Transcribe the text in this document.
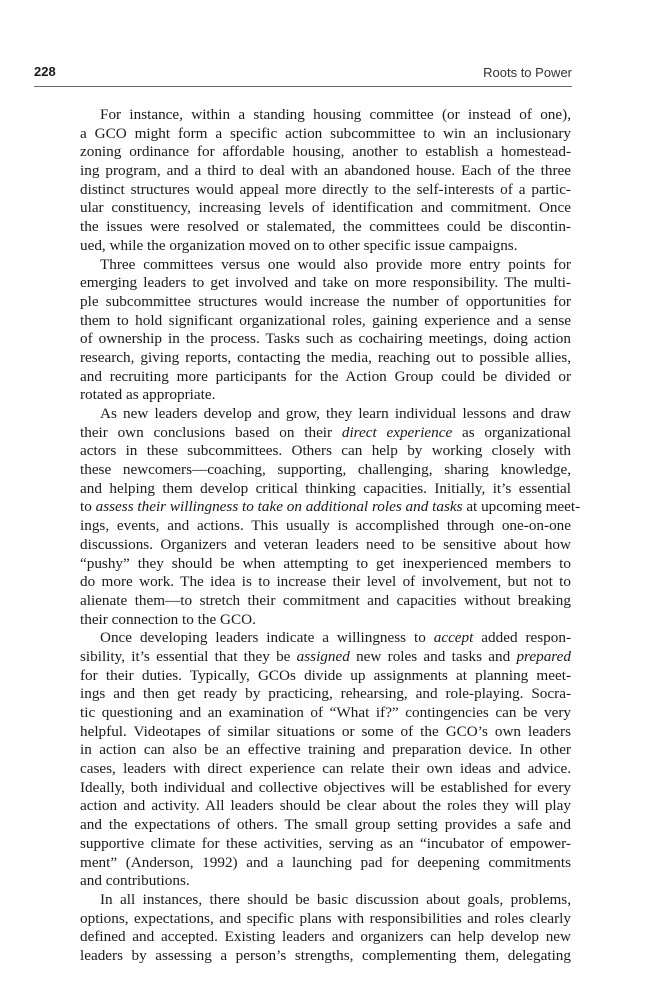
228	Roots to Power
For instance, within a standing housing committee (or instead of one),
a GCO might form a specific action subcommittee to win an inclusionary
zoning ordinance for affordable housing, another to establish a homestead-
ing program, and a third to deal with an abandoned house. Each of the three
distinct structures would appeal more directly to the self-interests of a partic-
ular constituency, increasing levels of identification and commitment. Once
the issues were resolved or stalemated, the committees could be discontin-
ued, while the organization moved on to other specific issue campaigns.
Three committees versus one would also provide more entry points for
emerging leaders to get involved and take on more responsibility. The multi-
ple subcommittee structures would increase the number of opportunities for
them to hold significant organizational roles, gaining experience and a sense
of ownership in the process. Tasks such as cochairing meetings, doing action
research, giving reports, contacting the media, reaching out to possible allies,
and recruiting more participants for the Action Group could be divided or
rotated as appropriate.
As new leaders develop and grow, they learn individual lessons and draw
their own conclusions based on their direct experience as organizational
actors in these subcommittees. Others can help by working closely with
these newcomers—coaching, supporting, challenging, sharing knowledge,
and helping them develop critical thinking capacities. Initially, it’s essential
to assess their willingness to take on additional roles and tasks at upcoming meet-
ings, events, and actions. This usually is accomplished through one-on-one
discussions. Organizers and veteran leaders need to be sensitive about how
“pushy” they should be when attempting to get inexperienced members to
do more work. The idea is to increase their level of involvement, but not to
alienate them—to stretch their commitment and capacities without breaking
their connection to the GCO.
Once developing leaders indicate a willingness to accept added respon-
sibility, it’s essential that they be assigned new roles and tasks and prepared
for their duties. Typically, GCOs divide up assignments at planning meet-
ings and then get ready by practicing, rehearsing, and role-playing. Socra-
tic questioning and an examination of “What if?” contingencies can be very
helpful. Videotapes of similar situations or some of the GCO’s own leaders
in action can also be an effective training and preparation device. In other
cases, leaders with direct experience can relate their own ideas and advice.
Ideally, both individual and collective objectives will be established for every
action and activity. All leaders should be clear about the roles they will play
and the expectations of others. The small group setting provides a safe and
supportive climate for these activities, serving as an “incubator of empower-
ment” (Anderson, 1992) and a launching pad for deepening commitments
and contributions.
In all instances, there should be basic discussion about goals, problems,
options, expectations, and specific plans with responsibilities and roles clearly
defined and accepted. Existing leaders and organizers can help develop new
leaders by assessing a person’s strengths, complementing them, delegating
